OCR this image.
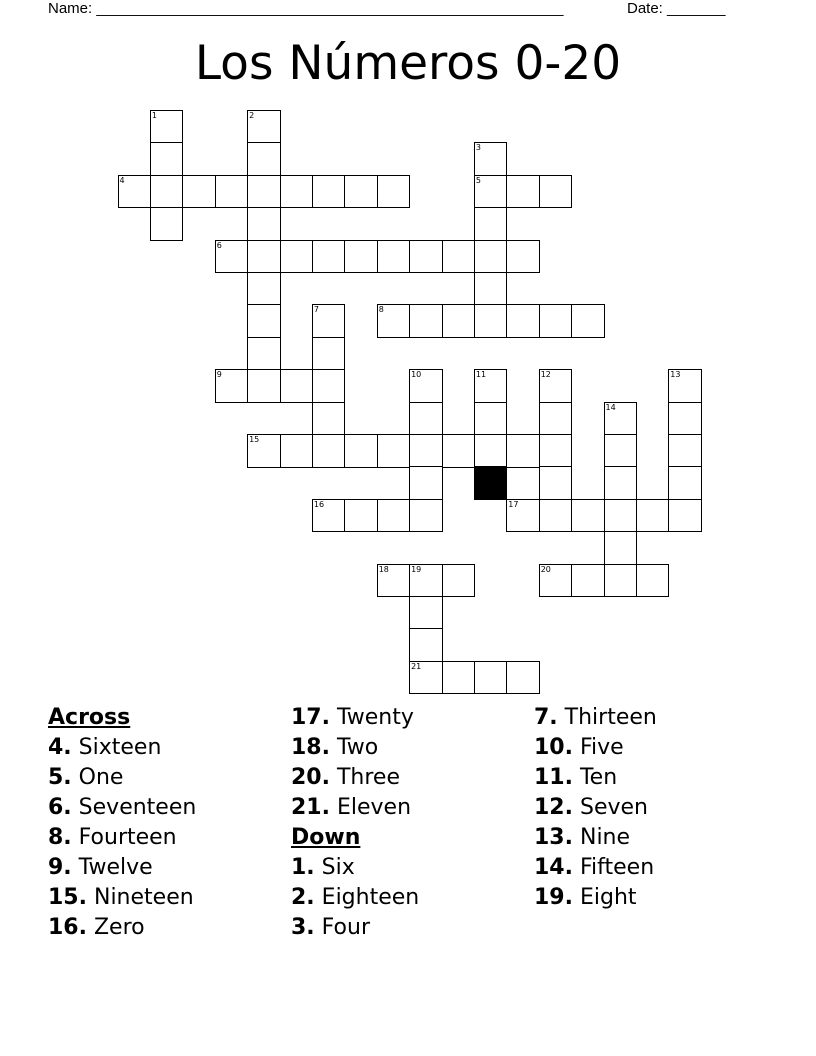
Name: ________________________________________________________	Date: _______
Los Números 0-20
1	2
3
5
4
6
7	8
9	10	11	12	13
14
15
16	17
18	19
21
20
Across
4. Sixteen
5. One
6. Seventeen
8. Fourteen
9. Twelve
15. Nineteen
16. Zero
17. Twenty
18. Two
20. Three
21. Eleven
Down
1. Six
2. Eighteen
3. Four
7. Thirteen
10. Five
11. Ten
12. Seven
13. Nine
14. Fifteen
19. Eight
